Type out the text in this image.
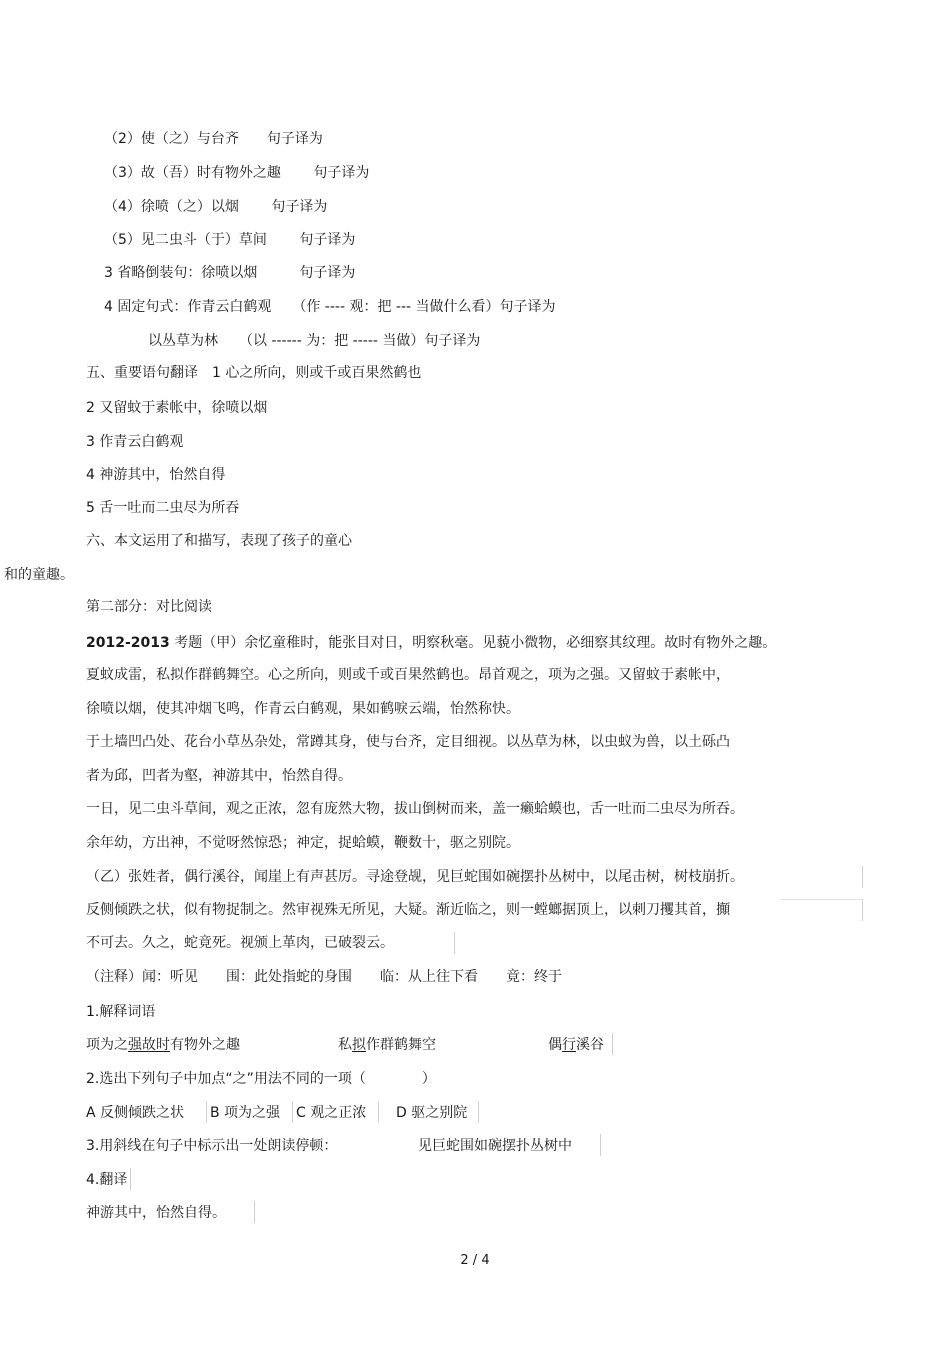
（2）使（之）与台齐　　句子译为
（3）故（吾）时有物外之趣　　 句子译为
（4）徐喷（之）以烟　　 句子译为
（5）见二虫斗（于）草间　　 句子译为
3 省略倒装句：徐喷以烟　　　句子译为
4 固定句式：作青云白鹤观　　（作 ---- 观：把 --- 当做什么看）句子译为
以丛草为林　　（以 ------ 为：把 ----- 当做）句子译为
五、重要语句翻译　1 心之所向，则或千或百果然鹤也
2 又留蚊于素帐中，徐喷以烟
3 作青云白鹤观
4 神游其中，怡然自得
5 舌一吐而二虫尽为所吞
六、本文运用了和描写，表现了孩子的童心
和的童趣。
第二部分：对比阅读
2012-2013 考题（甲）余忆童稚时，能张目对日，明察秋毫。见藐小微物，必细察其纹理。故时有物外之趣。
夏蚊成雷，私拟作群鹤舞空。心之所向，则或千或百果然鹤也。昂首观之，项为之强。又留蚊于素帐中，
徐喷以烟，使其冲烟飞鸣，作青云白鹤观，果如鹤唳云端，怡然称快。
于土墙凹凸处、花台小草丛杂处，常蹲其身，使与台齐，定目细视。以丛草为林，以虫蚁为兽，以土砾凸
者为邱，凹者为壑，神游其中，怡然自得。
一日，见二虫斗草间，观之正浓，忽有庞然大物，拔山倒树而来，盖一癞蛤蟆也，舌一吐而二虫尽为所吞。
余年幼，方出神，不觉呀然惊恐；神定，捉蛤蟆，鞭数十，驱之别院。
（乙）张姓者，偶行溪谷，闻崖上有声甚厉。寻途登觇，见巨蛇围如碗摆扑丛树中，以尾击树，树枝崩折。
反侧倾跌之状，似有物捉制之。然审视殊无所见，大疑。渐近临之，则一螳螂据顶上，以刺刀攫其首，攧
不可去。久之，蛇竟死。视颁上革肉，已破裂云。
（注释）闻：听见　　围：此处指蛇的身围　　临：从上往下看　　竟：终于
1.解释词语
项为之强故时有物外之趣	私拟作群鹤舞空	偶行溪谷
2.选出下列句子中加点“之”用法不同的一项（　　　　）
A 反侧倾跌之状 B 项为之强 C 观之正浓 D 驱之别院
3.用斜线在句子中标示出一处朗读停顿：	见巨蛇围如碗摆扑丛树中
4.翻译
神游其中，怡然自得。
2 / 4
